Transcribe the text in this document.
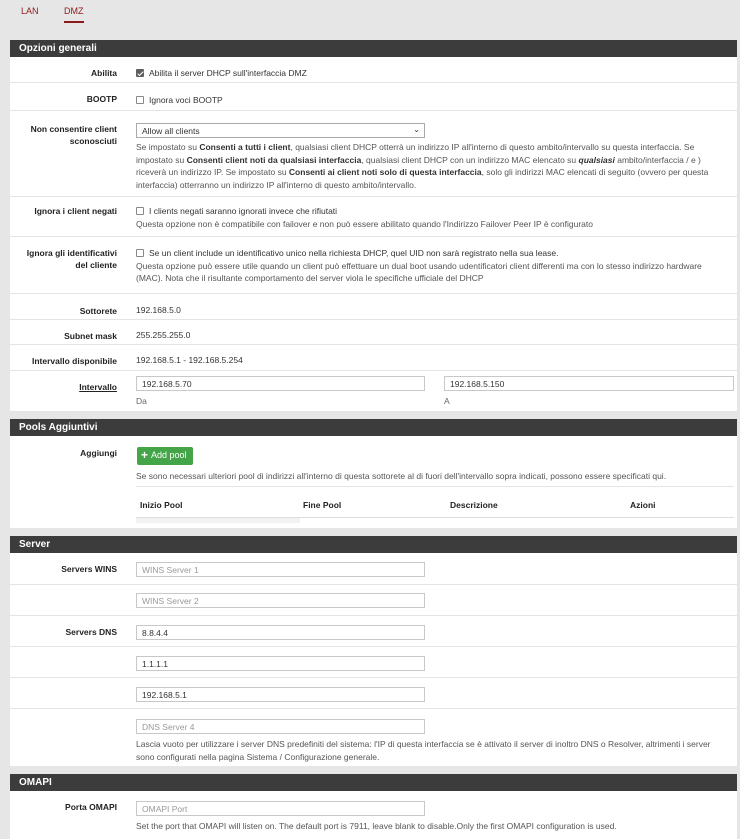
LAN	DMZ
Opzioni generali
Abilita	Abilita il server DHCP sull'interfaccia DMZ
BOOTP	Ignora voci BOOTP
Non consentire client
sconosciuti
Allow all clients	⌄
Se impostato su Consenti a tutti i client, qualsiasi client DHCP otterrà un indirizzo IP all'interno di questo ambito/intervallo su questa interfaccia. Se impostato su Consenti client noti da qualsiasi interfaccia, qualsiasi client DHCP con un indirizzo MAC elencato su qualsiasi ambito/interfaccia / e ) riceverà un indirizzo IP. Se impostato su Consenti ai client noti solo di questa interfaccia, solo gli indirizzi MAC elencati di seguito (ovvero per questa interfaccia) otterranno un indirizzo IP all'interno di questo ambito/intervallo.
Ignora i client negati	I clients negati saranno ignorati invece che rifiutati
Questa opzione non è compatibile con failover e non può essere abilitato quando l'Indirizzo Failover Peer IP è configurato
Ignora gli identificativi
del cliente
Se un client include un identificativo unico nella richiesta DHCP, quel UID non sarà registrato nella sua lease.
Questa opzione può essere utile quando un client può effettuare un dual boot usando udentificatori client differenti ma con lo stesso indirizzo hardware (MAC). Nota che il risultante comportamento del server viola le specifiche ufficiale del DHCP
Sottorete 192.168.5.0
Subnet mask 255.255.255.0
Intervallo disponibile 192.168.5.1 - 192.168.5.254
Intervallo	192.168.5.70	192.168.5.150
Da	A
Pools Aggiuntivi
Aggiungi	+ Add pool
Se sono necessari ulteriori pool di indirizzi all'interno di questa sottorete al di fuori dell'intervallo sopra indicati, possono essere specificati qui.
Inizio Pool	Fine Pool	Descrizione	Azioni
Server
Servers WINS	WINS Server 1
WINS Server 2
Servers DNS	8.8.4.4
1.1.1.1
192.168.5.1
DNS Server 4
Lascia vuoto per utilizzare i server DNS predefiniti del sistema: l'IP di questa interfaccia se è attivato il server di inoltro DNS o Resolver, altrimenti i server sono configurati nella pagina Sistema / Configurazione generale.
OMAPI
Porta OMAPI	OMAPI Port
Set the port that OMAPI will listen on. The default port is 7911, leave blank to disable.Only the first OMAPI configuration is used.
